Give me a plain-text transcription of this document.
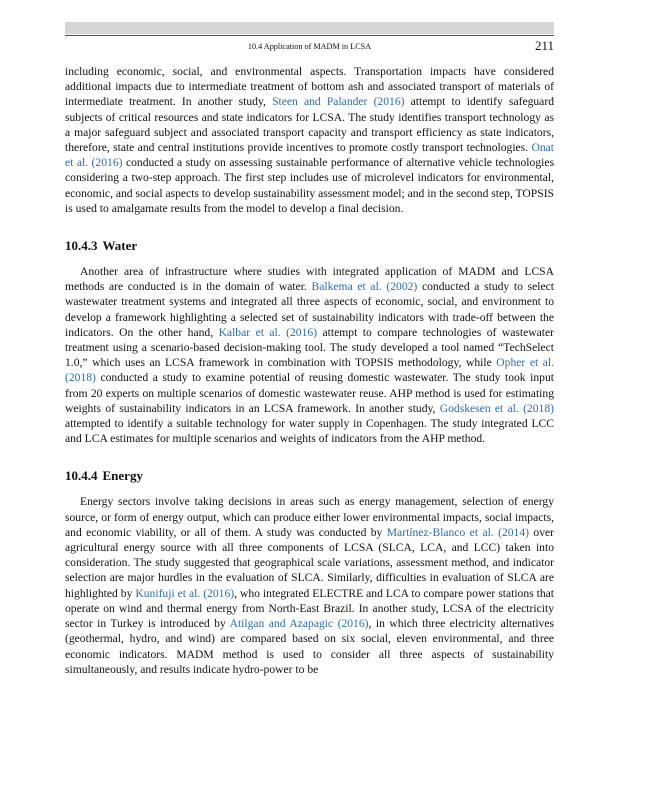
10.4 Application of MADM in LCSA	211

including economic, social, and environmental aspects. Transportation impacts have considered additional impacts due to intermediate treatment of bottom ash and associated transport of materials of intermediate treatment. In another study, Steen and Palander (2016) attempt to identify safeguard subjects of critical resources and state indicators for LCSA. The study identifies transport technology as a major safeguard subject and associated transport capacity and transport efficiency as state indicators, therefore, state and central institutions provide incentives to promote costly transport technologies. Onat et al. (2016) conducted a study on assessing sustainable performance of alternative vehicle technologies considering a two-step approach. The first step includes use of microlevel indicators for environmental, economic, and social aspects to develop sustainability assessment model; and in the second step, TOPSIS is used to amalgamate results from the model to develop a final decision.

10.4.3 Water

Another area of infrastructure where studies with integrated application of MADM and LCSA methods are conducted is in the domain of water. Balkema et al. (2002) conducted a study to select wastewater treatment systems and integrated all three aspects of economic, social, and environment to develop a framework highlighting a selected set of sustainability indicators with trade-off between the indicators. On the other hand, Kalbar et al. (2016) attempt to compare technologies of wastewater treatment using a scenario-based decision-making tool. The study developed a tool named “TechSelect 1.0,” which uses an LCSA framework in combination with TOPSIS methodology, while Opher et al. (2018) conducted a study to examine potential of reusing domestic wastewater. The study took input from 20 experts on multiple scenarios of domestic wastewater reuse. AHP method is used for estimating weights of sustainability indicators in an LCSA framework. In another study, Godskesen et al. (2018) attempted to identify a suitable technology for water supply in Copenhagen. The study integrated LCC and LCA estimates for multiple scenarios and weights of indicators from the AHP method.

10.4.4 Energy

Energy sectors involve taking decisions in areas such as energy management, selection of energy source, or form of energy output, which can produce either lower environmental impacts, social impacts, and economic viability, or all of them. A study was conducted by Martínez-Blanco et al. (2014) over agricultural energy source with all three components of LCSA (SLCA, LCA, and LCC) taken into consideration. The study suggested that geographical scale variations, assessment method, and indicator selection are major hurdles in the evaluation of SLCA. Similarly, difficulties in evaluation of SLCA are highlighted by Kunifuji et al. (2016), who integrated ELECTRE and LCA to compare power stations that operate on wind and thermal energy from North-East Brazil. In another study, LCSA of the electricity sector in Turkey is introduced by Atilgan and Azapagic (2016), in which three electricity alternatives (geothermal, hydro, and wind) are compared based on six social, eleven environmental, and three economic indicators. MADM method is used to consider all three aspects of sustainability simultaneously, and results indicate hydro-power to be
